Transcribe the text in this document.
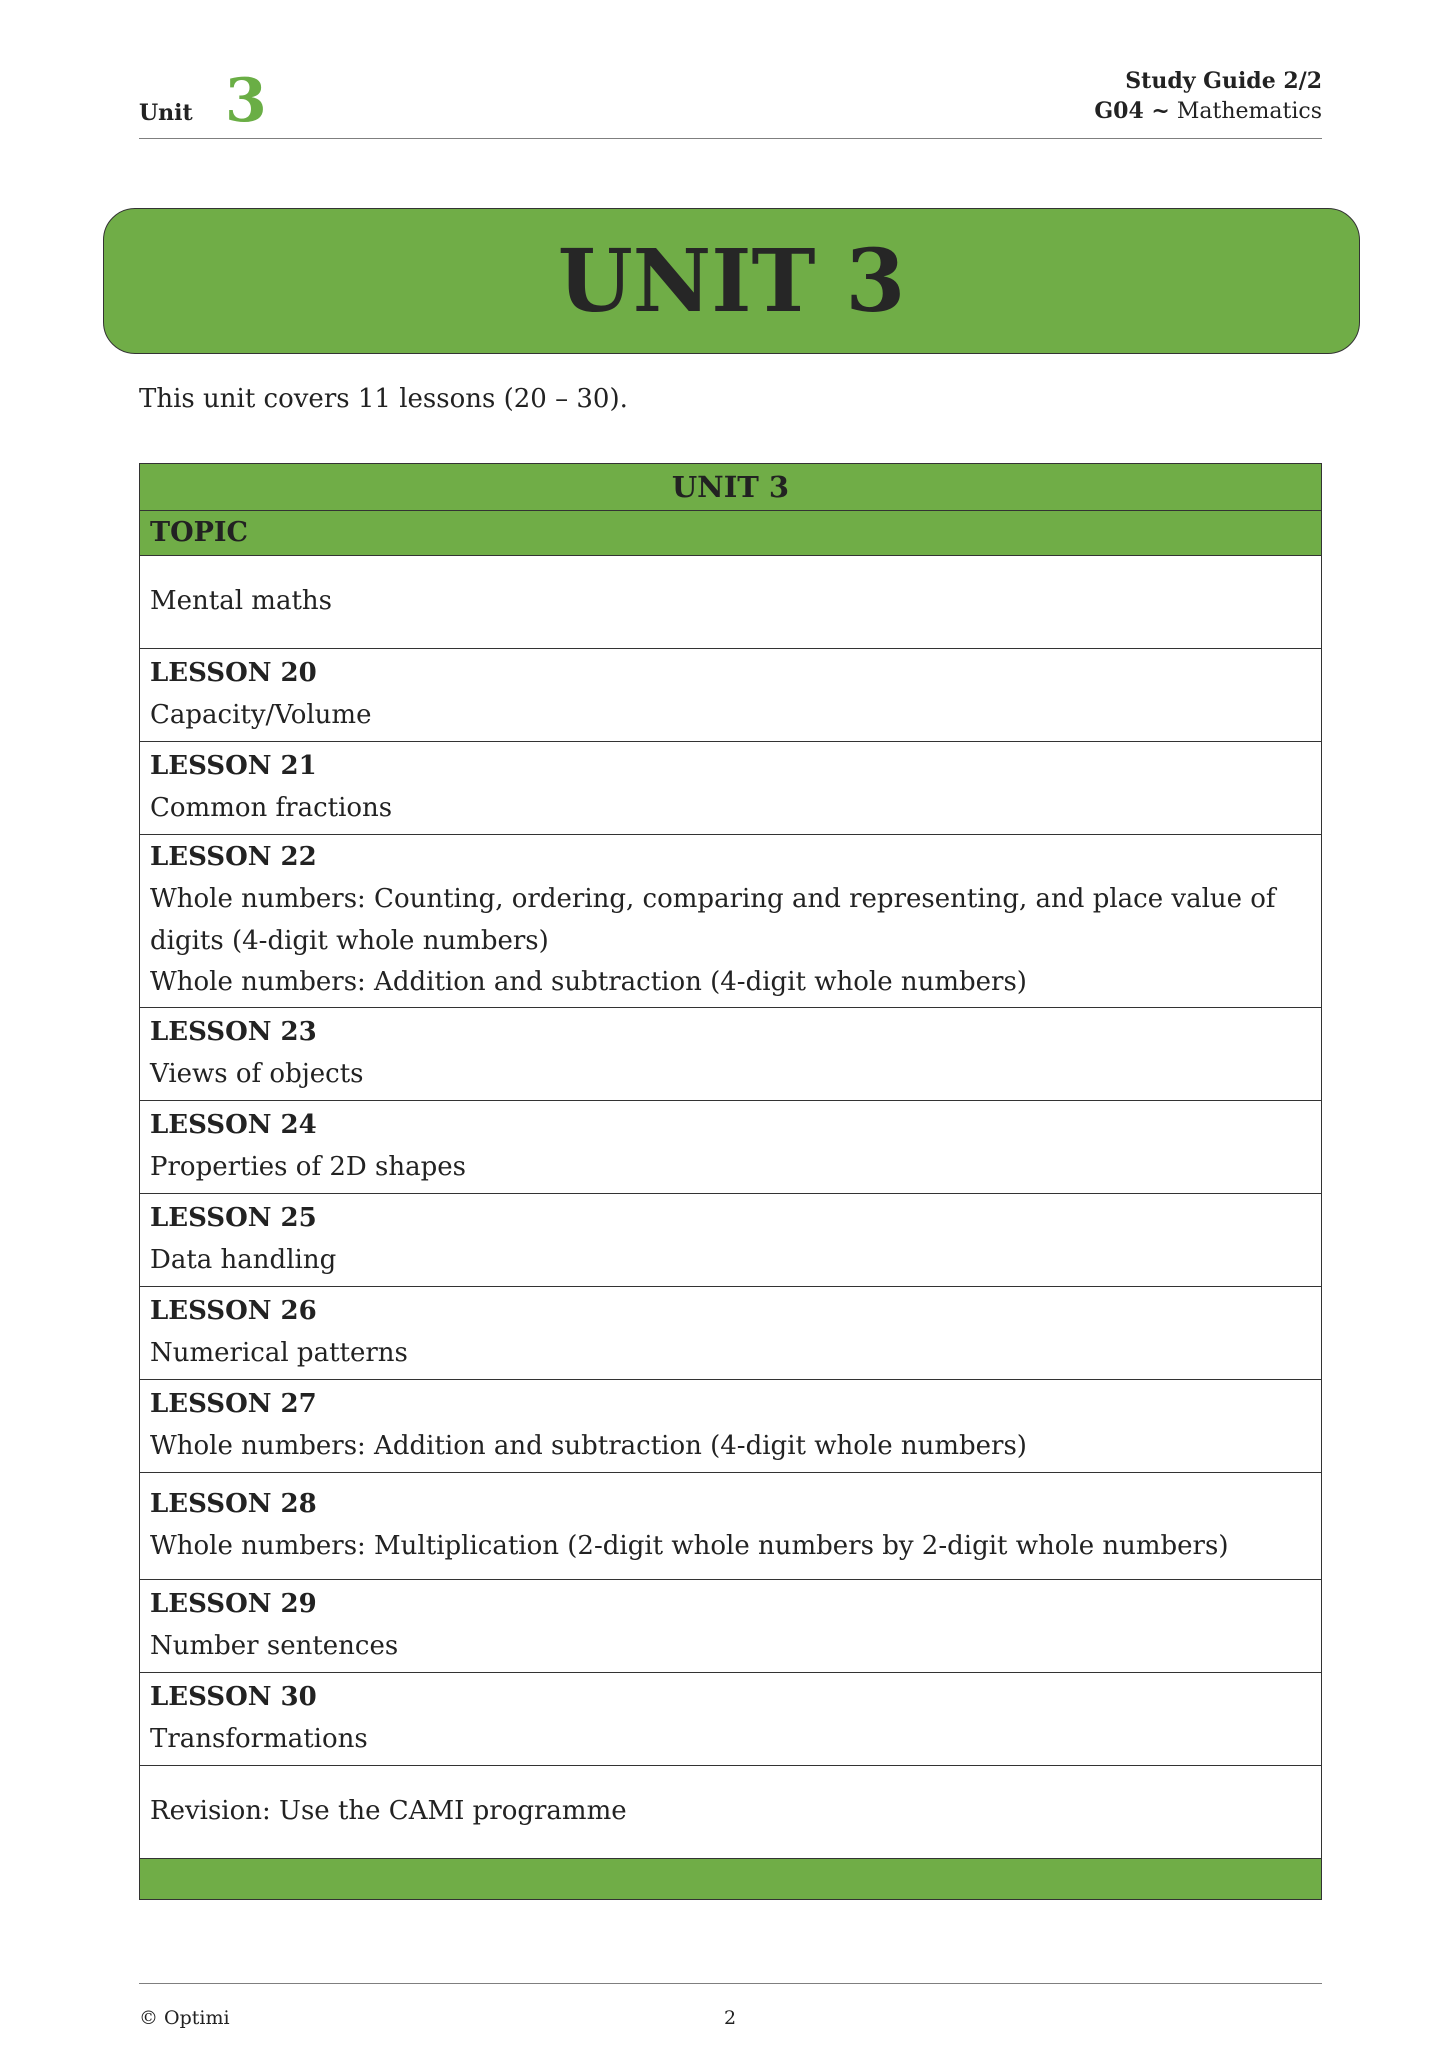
Unit 3	Study Guide 2/2
G04 ~ Mathematics
UNIT 3
This unit covers 11 lessons (20 – 30).
UNIT 3
TOPIC
Mental maths

LESSON 20
Capacity/Volume

LESSON 21
Common fractions

LESSON 22
Whole numbers: Counting, ordering, comparing and representing, and place value of digits (4-digit whole numbers)
Whole numbers: Addition and subtraction (4-digit whole numbers)

LESSON 23
Views of objects

LESSON 24
Properties of 2D shapes

LESSON 25
Data handling

LESSON 26
Numerical patterns

LESSON 27
Whole numbers: Addition and subtraction (4-digit whole numbers)

LESSON 28
Whole numbers: Multiplication (2-digit whole numbers by 2-digit whole numbers)

LESSON 29
Number sentences

LESSON 30
Transformations

Revision: Use the CAMI programme

© Optimi	2
